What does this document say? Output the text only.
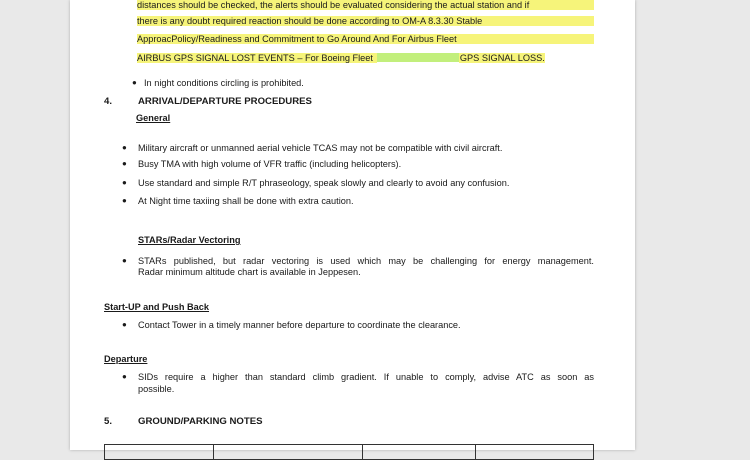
distances should be checked, the alerts should be evaluated considering the actual station and if
there is any doubt required reaction should be done according to OM-A 8.3.30 Stable
ApproacPolicy/Readiness and Commitment to Go Around And For Airbus Fleet
AIRBUS GPS SIGNAL LOST EVENTS – For Boeing Fleet	GPS SIGNAL LOSS.
● In night conditions circling is prohibited.
4.	ARRIVAL/DEPARTURE PROCEDURES
General
● Military aircraft or unmanned aerial vehicle TCAS may not be compatible with civil aircraft.
● Busy TMA with high volume of VFR traffic (including helicopters).
● Use standard and simple R/T phraseology, speak slowly and clearly to avoid any confusion.
● At Night time taxiing shall be done with extra caution.
STARs/Radar Vectoring
● STARs published, but radar vectoring is used which may be challenging for energy management.
Radar minimum altitude chart is available in Jeppesen.
Start-UP and Push Back
● Contact Tower in a timely manner before departure to coordinate the clearance.
Departure
● SIDs require a higher than standard climb gradient. If unable to comply, advise ATC as soon as
possible.
5.	GROUND/PARKING NOTES
